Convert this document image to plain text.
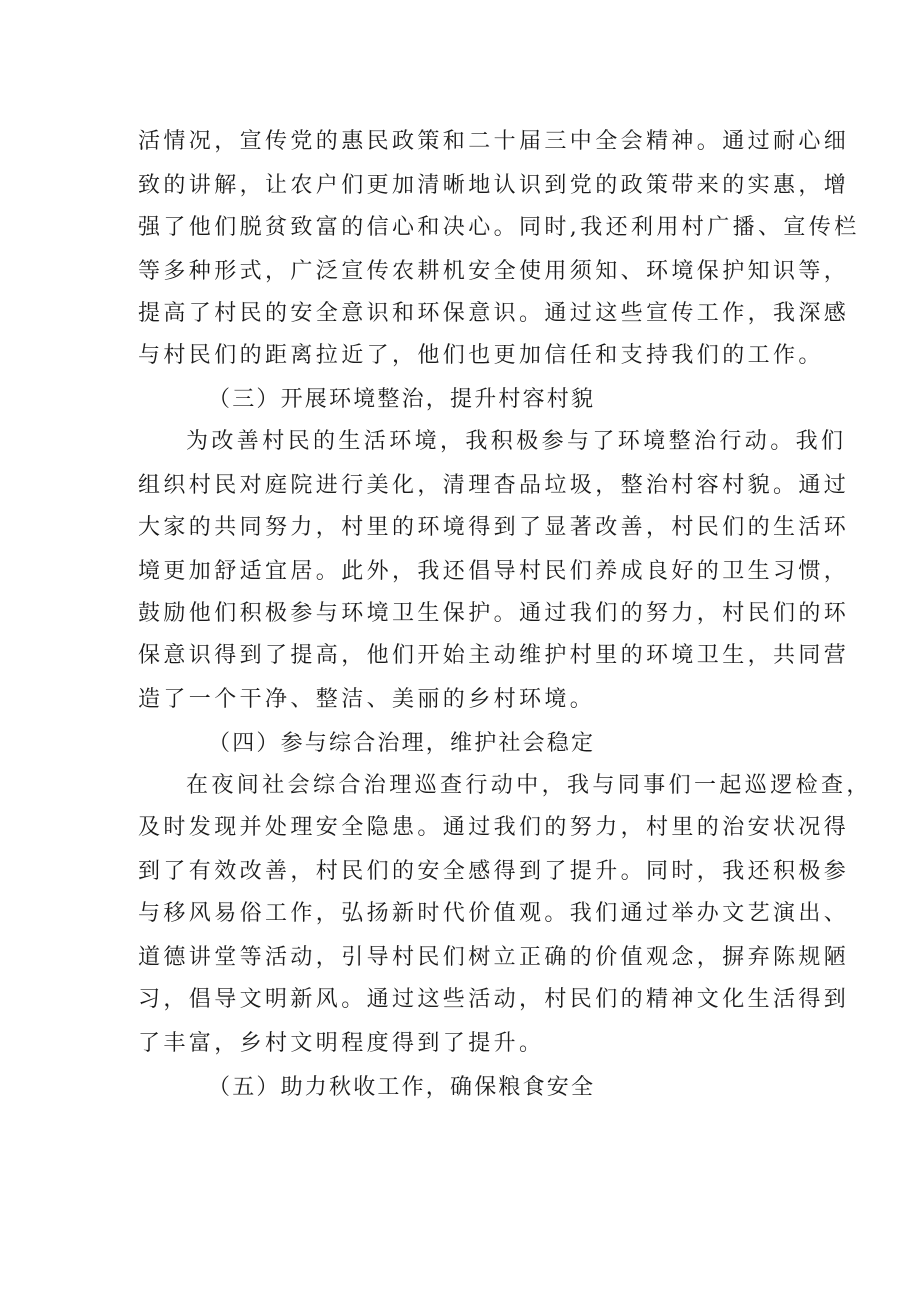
活情况，宣传党的惠民政策和二十届三中全会精神。通过耐心细
致的讲解，让农户们更加清晰地认识到党的政策带来的实惠，增
强了他们脱贫致富的信心和决心。同时,我还利用村广播、宣传栏
等多种形式，广泛宣传农耕机安全使用须知、环境保护知识等，
提高了村民的安全意识和环保意识。通过这些宣传工作，我深感
与村民们的距离拉近了，他们也更加信任和支持我们的工作。
（三）开展环境整治，提升村容村貌
为改善村民的生活环境，我积极参与了环境整治行动。我们
组织村民对庭院进行美化，清理杳品垃圾，整治村容村貌。通过
大家的共同努力，村里的环境得到了显著改善，村民们的生活环
境更加舒适宜居。此外，我还倡导村民们养成良好的卫生习惯，
鼓励他们积极参与环境卫生保护。通过我们的努力，村民们的环
保意识得到了提高，他们开始主动维护村里的环境卫生，共同营
造了一个干净、整洁、美丽的乡村环境。
（四）参与综合治理，维护社会稳定
在夜间社会综合治理巡查行动中，我与同事们一起巡逻检查，
及时发现并处理安全隐患。通过我们的努力，村里的治安状况得
到了有效改善，村民们的安全感得到了提升。同时，我还积极参
与移风易俗工作，弘扬新时代价值观。我们通过举办文艺演出、
道德讲堂等活动，引导村民们树立正确的价值观念，摒弃陈规陋
习，倡导文明新风。通过这些活动，村民们的精神文化生活得到
了丰富，乡村文明程度得到了提升。
（五）助力秋收工作，确保粮食安全
